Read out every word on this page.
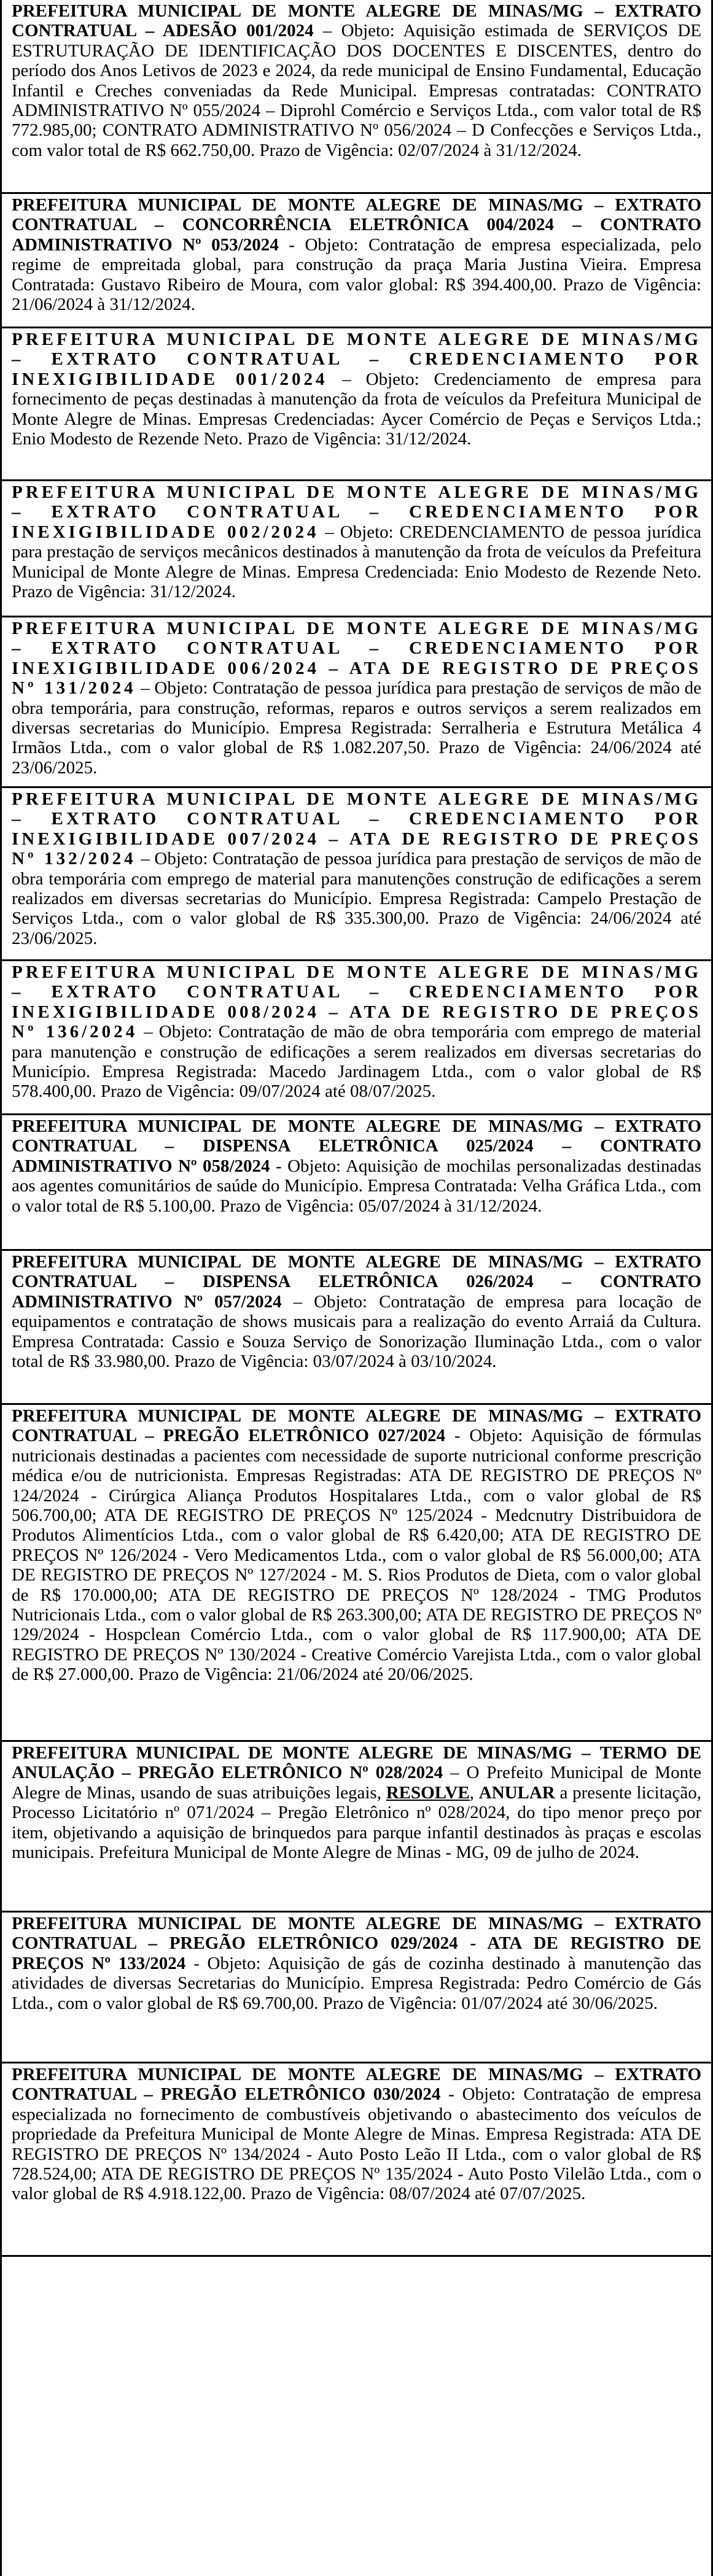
PREFEITURA MUNICIPAL DE MONTE ALEGRE DE MINAS/MG – EXTRATO CONTRATUAL – ADESÃO 001/2024 – Objeto: Aquisição estimada de SERVIÇOS DE ESTRUTURAÇÃO DE IDENTIFICAÇÃO DOS DOCENTES E DISCENTES, dentro do período dos Anos Letivos de 2023 e 2024, da rede municipal de Ensino Fundamental, Educação Infantil e Creches conveniadas da Rede Municipal. Empresas contratadas: CONTRATO ADMINISTRATIVO Nº 055/2024 – Diprohl Comércio e Serviços Ltda., com valor total de R$ 772.985,00; CONTRATO ADMINISTRATIVO Nº 056/2024 – D Confecções e Serviços Ltda., com valor total de R$ 662.750,00. Prazo de Vigência: 02/07/2024 à 31/12/2024.
PREFEITURA MUNICIPAL DE MONTE ALEGRE DE MINAS/MG – EXTRATO CONTRATUAL – CONCORRÊNCIA ELETRÔNICA 004/2024 – CONTRATO ADMINISTRATIVO Nº 053/2024 - Objeto: Contratação de empresa especializada, pelo regime de empreitada global, para construção da praça Maria Justina Vieira. Empresa Contratada: Gustavo Ribeiro de Moura, com valor global: R$ 394.400,00. Prazo de Vigência: 21/06/2024 à 31/12/2024.
PREFEITURA MUNICIPAL DE MONTE ALEGRE DE MINAS/MG – EXTRATO CONTRATUAL – CREDENCIAMENTO POR INEXIGIBILIDADE 001/2024 – Objeto: Credenciamento de empresa para fornecimento de peças destinadas à manutenção da frota de veículos da Prefeitura Municipal de Monte Alegre de Minas. Empresas Credenciadas: Aycer Comércio de Peças e Serviços Ltda.; Enio Modesto de Rezende Neto. Prazo de Vigência: 31/12/2024.
PREFEITURA MUNICIPAL DE MONTE ALEGRE DE MINAS/MG – EXTRATO CONTRATUAL – CREDENCIAMENTO POR INEXIGIBILIDADE 002/2024 – Objeto: CREDENCIAMENTO de pessoa jurídica para prestação de serviços mecânicos destinados à manutenção da frota de veículos da Prefeitura Municipal de Monte Alegre de Minas. Empresa Credenciada: Enio Modesto de Rezende Neto. Prazo de Vigência: 31/12/2024.
PREFEITURA MUNICIPAL DE MONTE ALEGRE DE MINAS/MG – EXTRATO CONTRATUAL – CREDENCIAMENTO POR INEXIGIBILIDADE 006/2024 – ATA DE REGISTRO DE PREÇOS Nº 131/2024 – Objeto: Contratação de pessoa jurídica para prestação de serviços de mão de obra temporária, para construção, reformas, reparos e outros serviços a serem realizados em diversas secretarias do Município. Empresa Registrada: Serralheria e Estrutura Metálica 4 Irmãos Ltda., com o valor global de R$ 1.082.207,50. Prazo de Vigência: 24/06/2024 até 23/06/2025.
PREFEITURA MUNICIPAL DE MONTE ALEGRE DE MINAS/MG – EXTRATO CONTRATUAL – CREDENCIAMENTO POR INEXIGIBILIDADE 007/2024 – ATA DE REGISTRO DE PREÇOS Nº 132/2024 – Objeto: Contratação de pessoa jurídica para prestação de serviços de mão de obra temporária com emprego de material para manutenções construção de edificações a serem realizados em diversas secretarias do Município. Empresa Registrada: Campelo Prestação de Serviços Ltda., com o valor global de R$ 335.300,00. Prazo de Vigência: 24/06/2024 até 23/06/2025.
PREFEITURA MUNICIPAL DE MONTE ALEGRE DE MINAS/MG – EXTRATO CONTRATUAL – CREDENCIAMENTO POR INEXIGIBILIDADE 008/2024 – ATA DE REGISTRO DE PREÇOS Nº 136/2024 – Objeto: Contratação de mão de obra temporária com emprego de material para manutenção e construção de edificações a serem realizados em diversas secretarias do Município. Empresa Registrada: Macedo Jardinagem Ltda., com o valor global de R$ 578.400,00. Prazo de Vigência: 09/07/2024 até 08/07/2025.
PREFEITURA MUNICIPAL DE MONTE ALEGRE DE MINAS/MG – EXTRATO CONTRATUAL – DISPENSA ELETRÔNICA 025/2024 – CONTRATO ADMINISTRATIVO Nº 058/2024 - Objeto: Aquisição de mochilas personalizadas destinadas aos agentes comunitários de saúde do Município. Empresa Contratada: Velha Gráfica Ltda., com o valor total de R$ 5.100,00. Prazo de Vigência: 05/07/2024 à 31/12/2024.
PREFEITURA MUNICIPAL DE MONTE ALEGRE DE MINAS/MG – EXTRATO CONTRATUAL – DISPENSA ELETRÔNICA 026/2024 – CONTRATO ADMINISTRATIVO Nº 057/2024 – Objeto: Contratação de empresa para locação de equipamentos e contratação de shows musicais para a realização do evento Arraiá da Cultura. Empresa Contratada: Cassio e Souza Serviço de Sonorização Iluminação Ltda., com o valor total de R$ 33.980,00. Prazo de Vigência: 03/07/2024 à 03/10/2024.
PREFEITURA MUNICIPAL DE MONTE ALEGRE DE MINAS/MG – EXTRATO CONTRATUAL – PREGÃO ELETRÔNICO 027/2024 - Objeto: Aquisição de fórmulas nutricionais destinadas a pacientes com necessidade de suporte nutricional conforme prescrição médica e/ou de nutricionista. Empresas Registradas: ATA DE REGISTRO DE PREÇOS Nº 124/2024 - Cirúrgica Aliança Produtos Hospitalares Ltda., com o valor global de R$ 506.700,00; ATA DE REGISTRO DE PREÇOS Nº 125/2024 - Medcnutry Distribuidora de Produtos Alimentícios Ltda., com o valor global de R$ 6.420,00; ATA DE REGISTRO DE PREÇOS Nº 126/2024 - Vero Medicamentos Ltda., com o valor global de R$ 56.000,00; ATA DE REGISTRO DE PREÇOS Nº 127/2024 - M. S. Rios Produtos de Dieta, com o valor global de R$ 170.000,00; ATA DE REGISTRO DE PREÇOS Nº 128/2024 - TMG Produtos Nutricionais Ltda., com o valor global de R$ 263.300,00; ATA DE REGISTRO DE PREÇOS Nº 129/2024 - Hospclean Comércio Ltda., com o valor global de R$ 117.900,00; ATA DE REGISTRO DE PREÇOS Nº 130/2024 - Creative Comércio Varejista Ltda., com o valor global de R$ 27.000,00. Prazo de Vigência: 21/06/2024 até 20/06/2025.
PREFEITURA MUNICIPAL DE MONTE ALEGRE DE MINAS/MG – TERMO DE ANULAÇÃO – PREGÃO ELETRÔNICO Nº 028/2024 – O Prefeito Municipal de Monte Alegre de Minas, usando de suas atribuições legais, RESOLVE, ANULAR a presente licitação, Processo Licitatório nº 071/2024 – Pregão Eletrônico nº 028/2024, do tipo menor preço por item, objetivando a aquisição de brinquedos para parque infantil destinados às praças e escolas municipais. Prefeitura Municipal de Monte Alegre de Minas - MG, 09 de julho de 2024.
PREFEITURA MUNICIPAL DE MONTE ALEGRE DE MINAS/MG – EXTRATO CONTRATUAL – PREGÃO ELETRÔNICO 029/2024 - ATA DE REGISTRO DE PREÇOS Nº 133/2024 - Objeto: Aquisição de gás de cozinha destinado à manutenção das atividades de diversas Secretarias do Município. Empresa Registrada: Pedro Comércio de Gás Ltda., com o valor global de R$ 69.700,00. Prazo de Vigência: 01/07/2024 até 30/06/2025.
PREFEITURA MUNICIPAL DE MONTE ALEGRE DE MINAS/MG – EXTRATO CONTRATUAL – PREGÃO ELETRÔNICO 030/2024 - Objeto: Contratação de empresa especializada no fornecimento de combustíveis objetivando o abastecimento dos veículos de propriedade da Prefeitura Municipal de Monte Alegre de Minas. Empresa Registrada: ATA DE REGISTRO DE PREÇOS Nº 134/2024 - Auto Posto Leão II Ltda., com o valor global de R$ 728.524,00; ATA DE REGISTRO DE PREÇOS Nº 135/2024 - Auto Posto Vilelão Ltda., com o valor global de R$ 4.918.122,00. Prazo de Vigência: 08/07/2024 até 07/07/2025.
